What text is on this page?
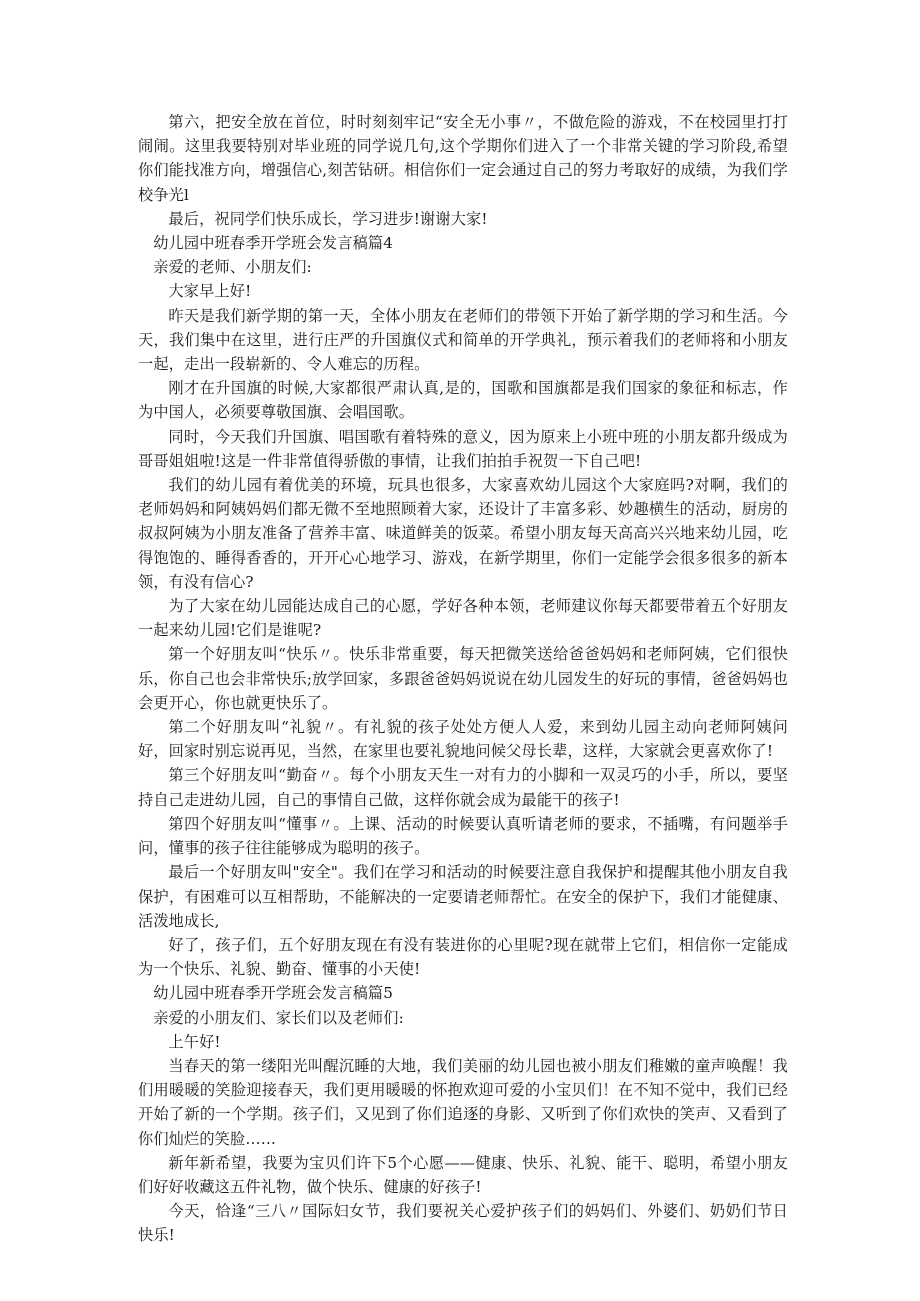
第六，把安全放在首位，时时刻刻牢记“安全无小事〃，不做危险的游戏，不在校园里打打闹闹。这里我要特别对毕业班的同学说几句,这个学期你们进入了一个非常关键的学习阶段,希望你们能找准方向，增强信心,刻苦钻研。相信你们一定会通过自己的努力考取好的成绩，为我们学校争光l

最后，祝同学们快乐成长，学习进步!谢谢大家!

幼儿园中班春季开学班会发言稿篇4

亲爱的老师、小朋友们:

大家早上好!

昨天是我们新学期的第一天，全体小朋友在老师们的带领下开始了新学期的学习和生活。今天，我们集中在这里，进行庄严的升国旗仪式和简单的开学典礼，预示着我们的老师将和小朋友一起，走出一段崭新的、令人难忘的历程。

刚才在升国旗的时候,大家都很严肃认真,是的，国歌和国旗都是我们国家的象征和标志，作为中国人，必须要尊敬国旗、会唱国歌。

同时，今天我们升国旗、唱国歌有着特殊的意义，因为原来上小班中班的小朋友都升级成为哥哥姐姐啦!这是一件非常值得骄傲的事情，让我们拍拍手祝贺一下自己吧!

我们的幼儿园有着优美的环境，玩具也很多，大家喜欢幼儿园这个大家庭吗?对啊，我们的老师妈妈和阿姨妈妈们都无微不至地照顾着大家，还设计了丰富多彩、妙趣横生的活动，厨房的叔叔阿姨为小朋友准备了营养丰富、味道鲜美的饭菜。希望小朋友每天高高兴兴地来幼儿园，吃得饱饱的、睡得香香的，开开心心地学习、游戏，在新学期里，你们一定能学会很多很多的新本领，有没有信心?

为了大家在幼儿园能达成自己的心愿，学好各种本领，老师建议你每天都要带着五个好朋友一起来幼儿园!它们是谁呢?

第一个好朋友叫“快乐〃。快乐非常重要，每天把微笑送给爸爸妈妈和老师阿姨，它们很快乐，你自己也会非常快乐;放学回家，多跟爸爸妈妈说说在幼儿园发生的好玩的事情，爸爸妈妈也会更开心，你也就更快乐了。

第二个好朋友叫“礼貌〃。有礼貌的孩子处处方便人人爱，来到幼儿园主动向老师阿姨问好，回家时别忘说再见，当然，在家里也要礼貌地问候父母长辈，这样，大家就会更喜欢你了!

第三个好朋友叫“勤奋〃。每个小朋友天生一对有力的小脚和一双灵巧的小手，所以，要坚持自己走进幼儿园，自己的事情自己做，这样你就会成为最能干的孩子!

第四个好朋友叫“懂事〃。上课、活动的时候要认真听请老师的要求，不插嘴，有问题举手问，懂事的孩子往往能够成为聪明的孩子。

最后一个好朋友叫"安全"。我们在学习和活动的时候要注意自我保护和提醒其他小朋友自我保护，有困难可以互相帮助，不能解决的一定要请老师帮忙。在安全的保护下，我们才能健康、活泼地成长,

好了，孩子们，五个好朋友现在有没有装进你的心里呢?现在就带上它们，相信你一定能成为一个快乐、礼貌、勤奋、懂事的小天使!

幼儿园中班春季开学班会发言稿篇5

亲爱的小朋友们、家长们以及老师们:

上午好!

当春天的第一缕阳光叫醒沉睡的大地，我们美丽的幼儿园也被小朋友们稚嫩的童声唤醒！我们用暖暖的笑脸迎接春天，我们更用暖暖的怀抱欢迎可爱的小宝贝们！在不知不觉中，我们已经开始了新的一个学期。孩子们，又见到了你们追逐的身影、又听到了你们欢快的笑声、又看到了你们灿烂的笑脸……

新年新希望，我要为宝贝们许下5个心愿——健康、快乐、礼貌、能干、聪明，希望小朋友们好好收藏这五件礼物，做个快乐、健康的好孩子!

今天，恰逢“三八〃国际妇女节，我们要祝关心爱护孩子们的妈妈们、外婆们、奶奶们节日快乐!
